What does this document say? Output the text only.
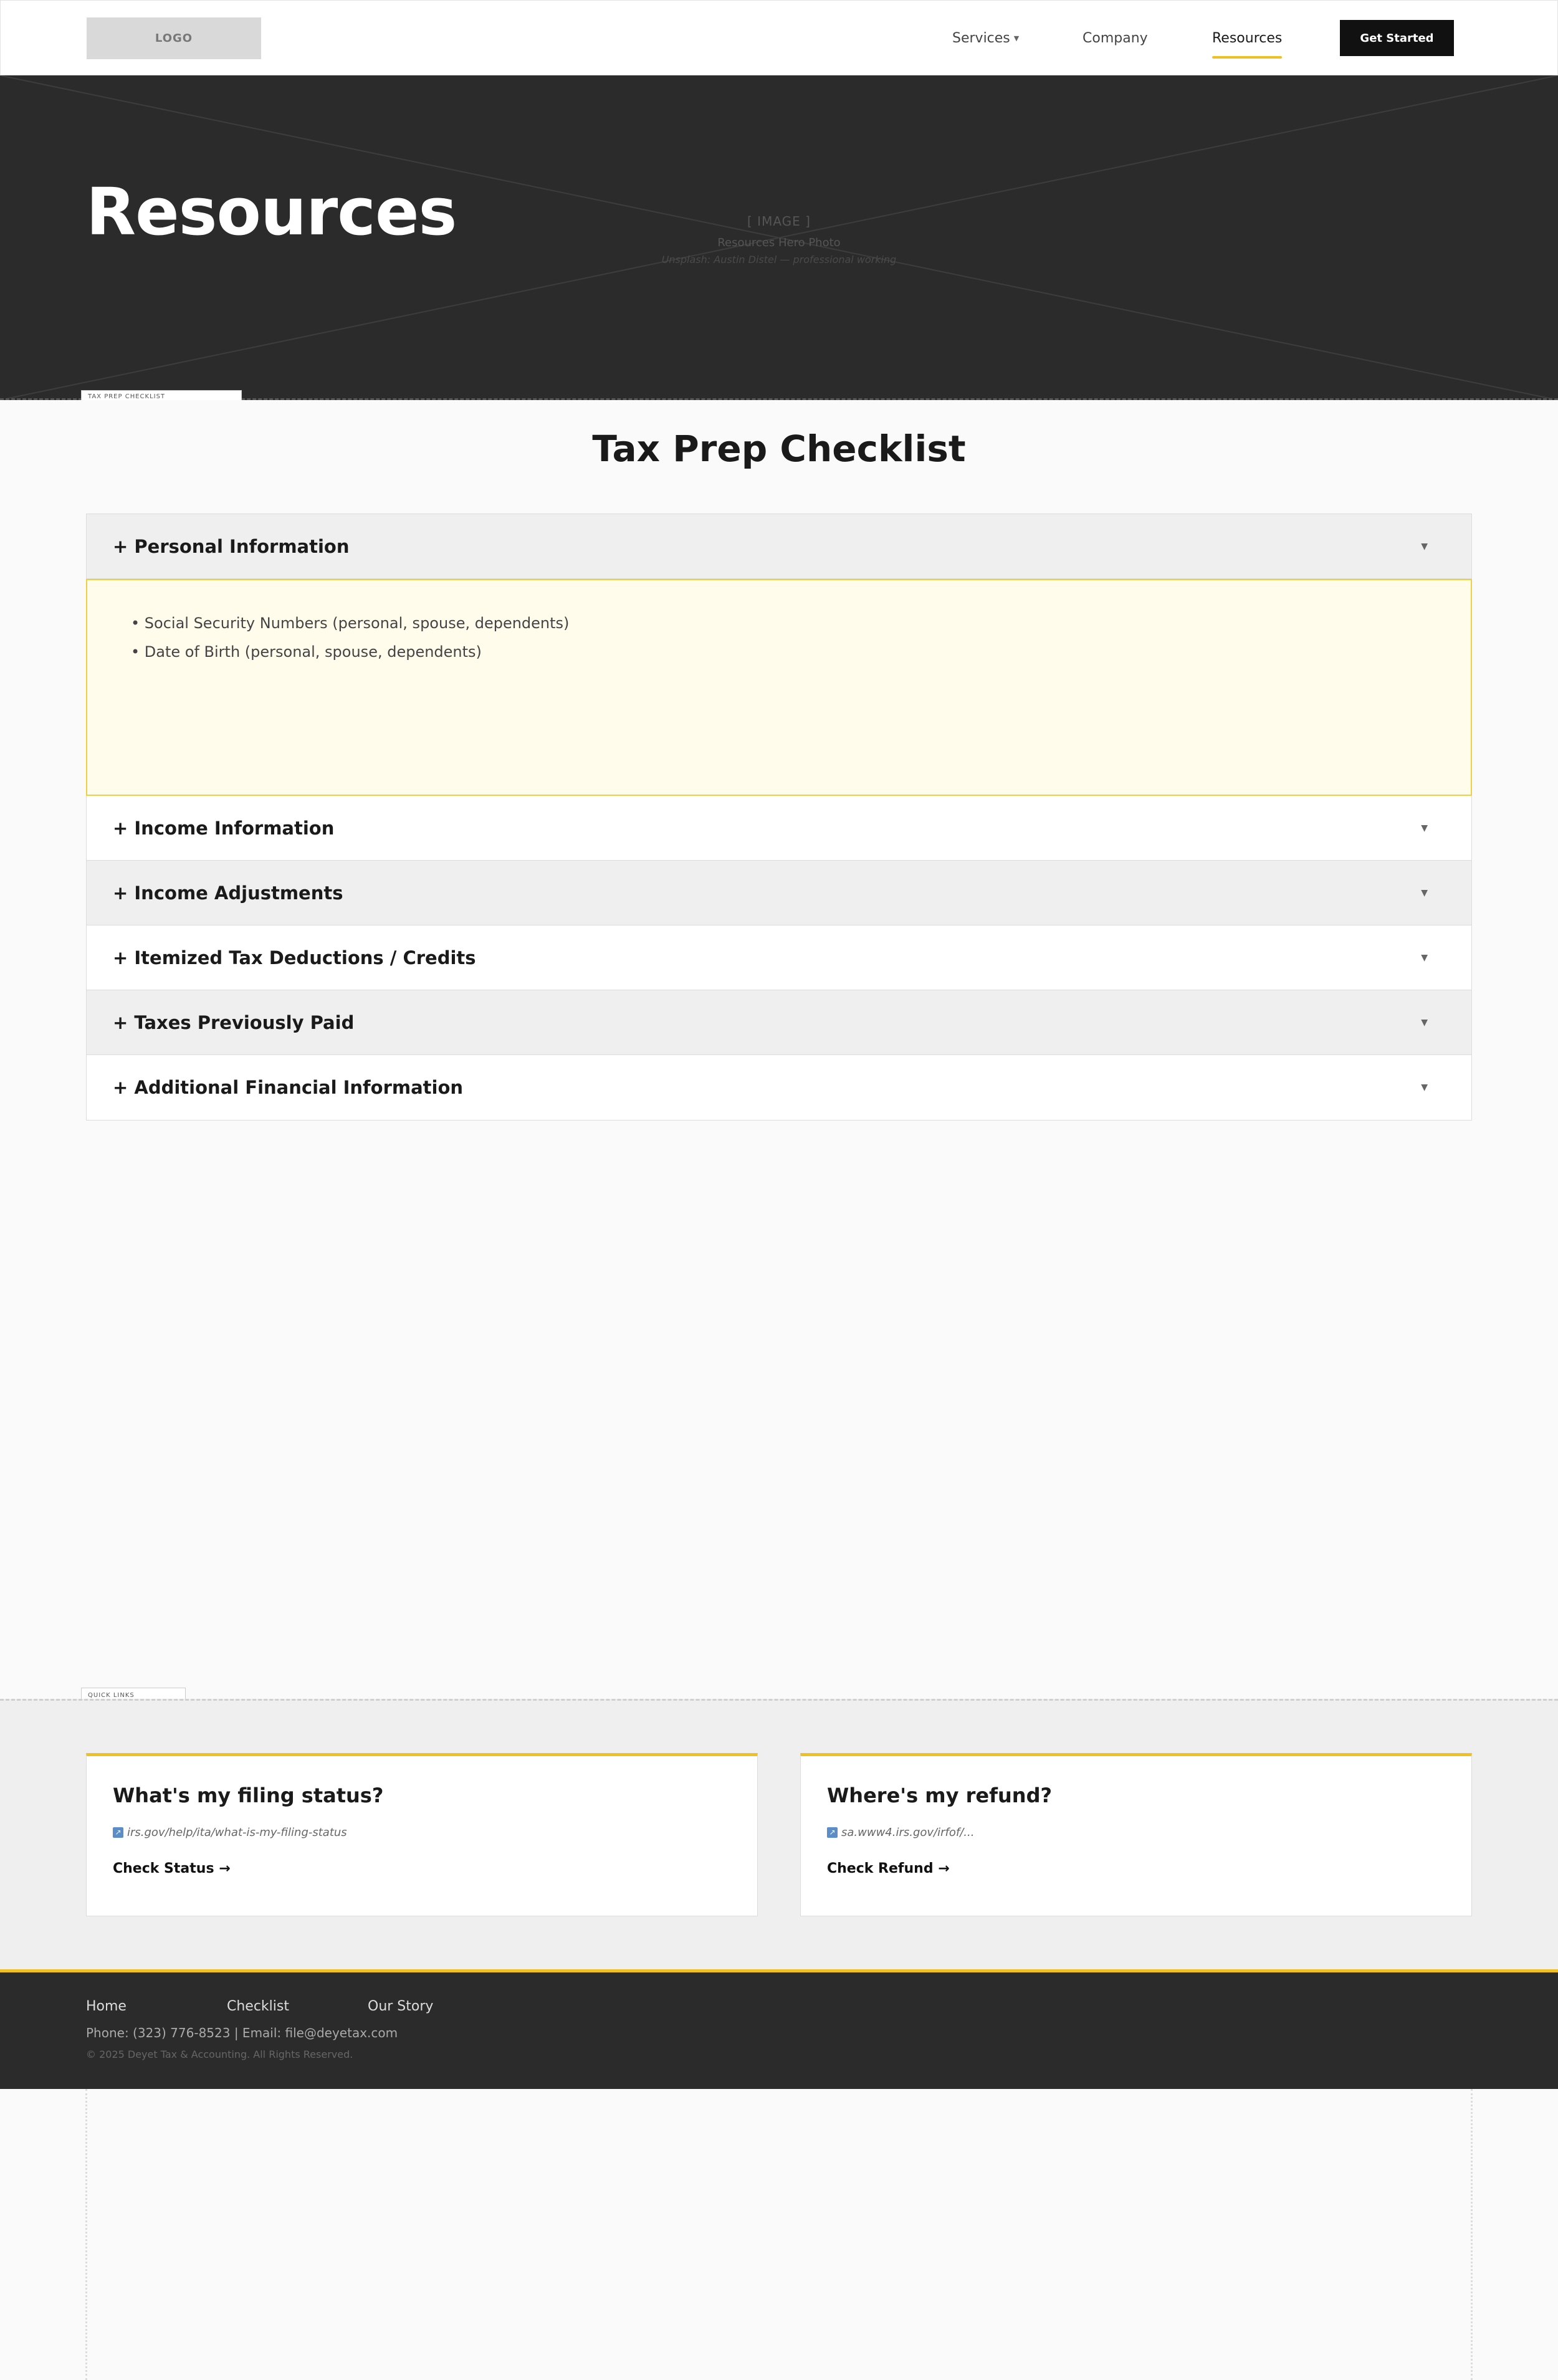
LOGO	Services ▼	Company	Resources	Get Started
Resources	[ IMAGE ]
Resources Hero Photo
Unsplash: Austin Distel — professional working
TAX PREP CHECKLIST
Tax Prep Checklist
+ Personal Information	▼
• Social Security Numbers (personal, spouse, dependents)
• Date of Birth (personal, spouse, dependents)
+ Income Information	▼
+ Income Adjustments	▼
+ Itemized Tax Deductions / Credits	▼
+ Taxes Previously Paid	▼
+ Additional Financial Information	▼
QUICK LINKS
What's my filing status?
↗ irs.gov/help/ita/what-is-my-filing-status
Check Status →
Where's my refund?
↗ sa.www4.irs.gov/irfof/...
Check Refund →
Home	Checklist	Our Story
Phone: (323) 776-8523 | Email: file@deyetax.com
© 2025 Deyet Tax & Accounting. All Rights Reserved.
